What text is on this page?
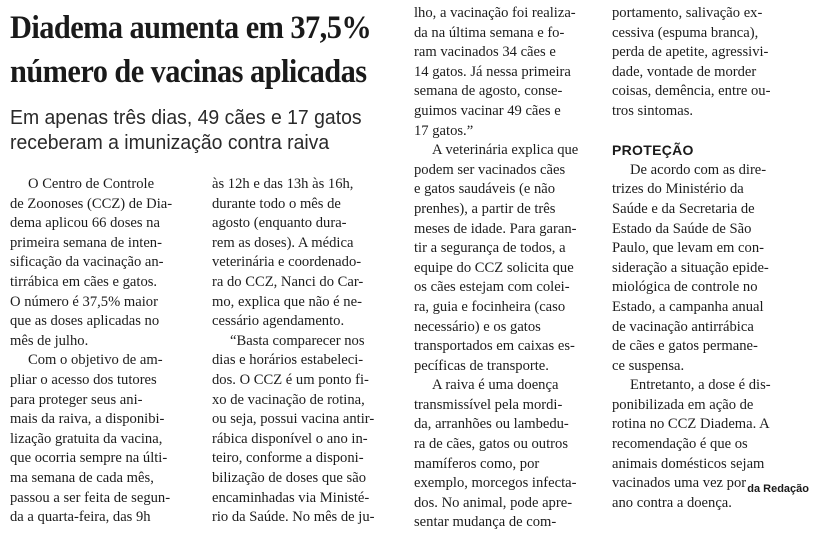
Diadema aumenta em 37,5%
número de vacinas aplicadas
Em apenas três dias, 49 cães e 17 gatos
receberam a imunização contra raiva
O Centro de Controle
de Zoonoses (CCZ) de Dia-
dema aplicou 66 doses na
primeira semana de inten-
sificação da vacinação an-
tirrábica em cães e gatos.
O número é 37,5% maior
que as doses aplicadas no
mês de julho.
Com o objetivo de am-
pliar o acesso dos tutores
para proteger seus ani-
mais da raiva, a disponibi-
lização gratuita da vacina,
que ocorria sempre na últi-
ma semana de cada mês,
passou a ser feita de segun-
da a quarta-feira, das 9h
às 12h e das 13h às 16h,
durante todo o mês de
agosto (enquanto dura-
rem as doses). A médica
veterinária e coordenado-
ra do CCZ, Nanci do Car-
mo, explica que não é ne-
cessário agendamento.
“Basta comparecer nos
dias e horários estabeleci-
dos. O CCZ é um ponto fi-
xo de vacinação de rotina,
ou seja, possui vacina antir-
rábica disponível o ano in-
teiro, conforme a disponi-
bilização de doses que são
encaminhadas via Ministé-
rio da Saúde. No mês de ju-
lho, a vacinação foi realiza-
da na última semana e fo-
ram vacinados 34 cães e
14 gatos. Já nessa primeira
semana de agosto, conse-
guimos vacinar 49 cães e
17 gatos.”
A veterinária explica que
podem ser vacinados cães
e gatos saudáveis (e não
prenhes), a partir de três
meses de idade. Para garan-
tir a segurança de todos, a
equipe do CCZ solicita que
os cães estejam com colei-
ra, guia e focinheira (caso
necessário) e os gatos
transportados em caixas es-
pecíficas de transporte.
A raiva é uma doença
transmissível pela mordi-
da, arranhões ou lambedu-
ra de cães, gatos ou outros
mamíferos como, por
exemplo, morcegos infecta-
dos. No animal, pode apre-
sentar mudança de com-
portamento, salivação ex-
cessiva (espuma branca),
perda de apetite, agressivi-
dade, vontade de morder
coisas, demência, entre ou-
tros sintomas.

PROTEÇÃO
De acordo com as dire-
trizes do Ministério da
Saúde e da Secretaria de
Estado da Saúde de São
Paulo, que levam em con-
sideração a situação epide-
miológica de controle no
Estado, a campanha anual
de vacinação antirrábica
de cães e gatos permane-
ce suspensa.
Entretanto, a dose é dis-
ponibilizada em ação de
rotina no CCZ Diadema. A
recomendação é que os
animais domésticos sejam
vacinados uma vez por
ano contra a doença.
da Redação
